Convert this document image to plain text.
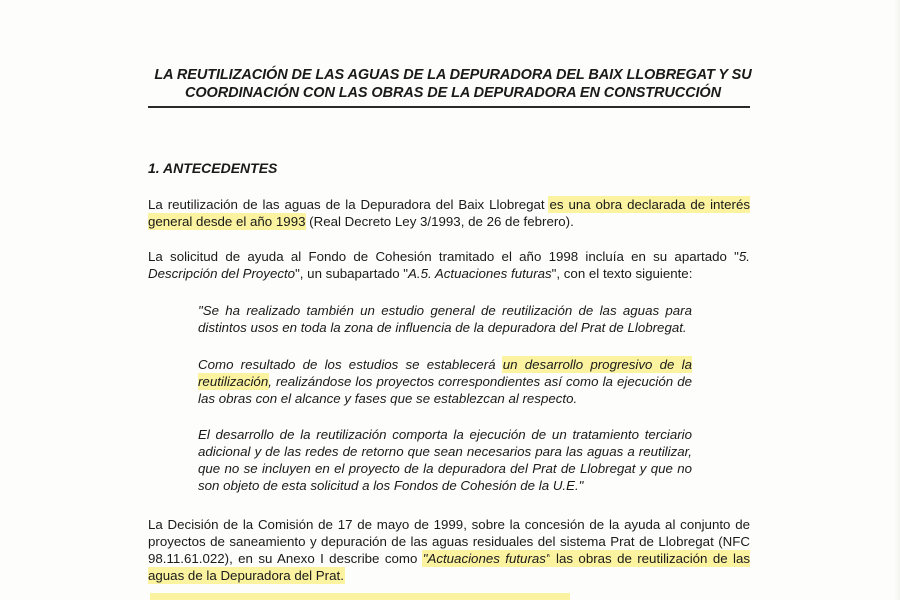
LA REUTILIZACIÓN DE LAS AGUAS DE LA DEPURADORA DEL BAIX LLOBREGAT Y SU
COORDINACIÓN CON LAS OBRAS DE LA DEPURADORA EN CONSTRUCCIÓN
1. ANTECEDENTES
La reutilización de las aguas de la Depuradora del Baix Llobregat es una obra declarada de interés general desde el año 1993 (Real Decreto Ley 3/1993, de 26 de febrero).
La solicitud de ayuda al Fondo de Cohesión tramitado el año 1998 incluía en su apartado "5. Descripción del Proyecto", un subapartado "A.5. Actuaciones futuras", con el texto siguiente:
"Se ha realizado también un estudio general de reutilización de las aguas para distintos usos en toda la zona de influencia de la depuradora del Prat de Llobregat.
Como resultado de los estudios se establecerá un desarrollo progresivo de la reutilización, realizándose los proyectos correspondientes así como la ejecución de las obras con el alcance y fases que se establezcan al respecto.
El desarrollo de la reutilización comporta la ejecución de un tratamiento terciario adicional y de las redes de retorno que sean necesarios para las aguas a reutilizar, que no se incluyen en el proyecto de la depuradora del Prat de Llobregat y que no son objeto de esta solicitud a los Fondos de Cohesión de la U.E."
La Decisión de la Comisión de 17 de mayo de 1999, sobre la concesión de la ayuda al conjunto de proyectos de saneamiento y depuración de las aguas residuales del sistema Prat de Llobregat (NFC 98.11.61.022), en su Anexo I describe como "Actuaciones futuras" las obras de reutilización de las aguas de la Depuradora del Prat.
